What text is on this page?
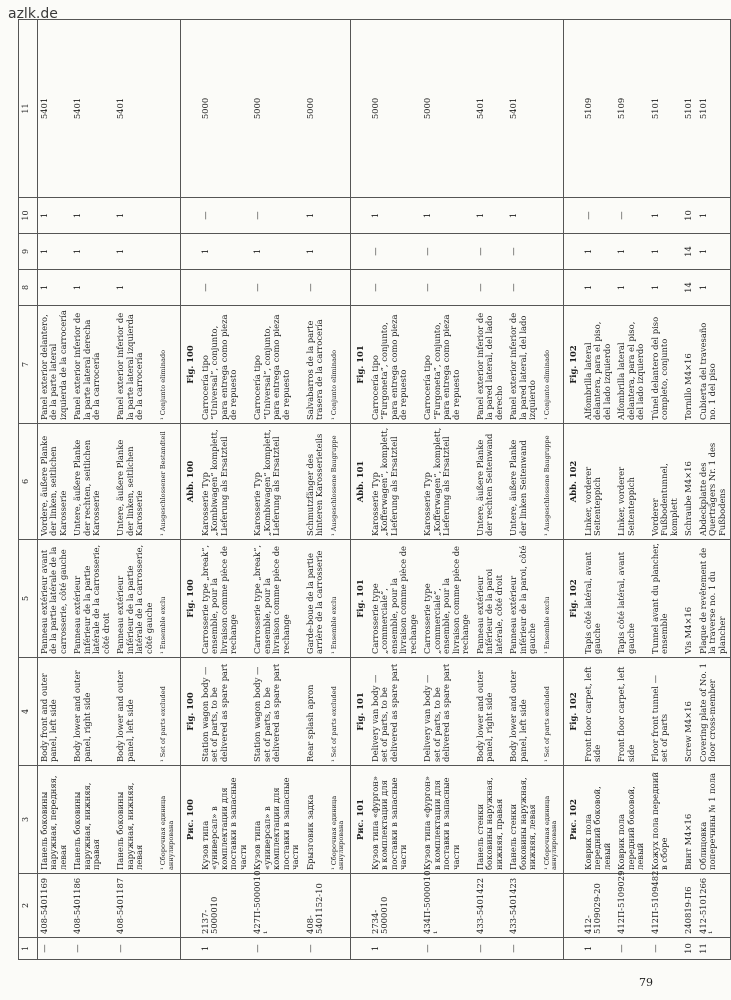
azlk.de
1	2	3	4	5	6	7	8	9	10	11
—	408-5401169	Панель боковины наружная, передняя, левая	Body front and outer panel, left side	Panneau extérieur avant de la partie latérale de la carrosserie, côté gauche	Vordere, äußere Planke der linken, seitlichen Karosserie	Panel exterior delantero, de la parte lateral izquierda de la carrocería	1	1	1	5401
—	408-5401186	Панель боковины наружная, нижняя, правая	Body lower and outer panel, right side	Panneau extérieur inférieur de la partie latérale de la carrosserie, côté droit	Untere, äußere Planke der rechten, seitlichen Karosserie	Panel exterior inferior de la parte lateral derecha de la carrocería	1	1	1	5401
—	408-5401187	Панель боковины наружная, нижняя, левая	Body lower and outer panel, left side	Panneau extérieur inférieur de la partie latérale de la carrosserie, côté gauche	Untere, äußere Planke der linken, seitlichen Karosserie	Panel exterior inferior de la parte lateral izquierda de la carrocería	1	1	1	5401
		¹ Сборочная единица аннулирована	¹ Set of parts excluded	¹ Ensemble exclu	¹ Ausgeschlossener Bestandteil	¹ Conjunto eliminado				
		Рис. 100	Fig. 100	Fig. 100	Abb. 100	Fig. 100				
1	2137-5000010	Кузов типа «универсал» в комплектации для поставки в запасные части	Station wagon body — set of parts, to be delivered as spare part	Carrosserie type „break“, ensemble, pour la livraison comme pièce de rechange	Karosserie Typ „Kombiwagen“ komplett, Lieferung als Ersatzteil	Carrocería tipo “Universal”, conjunto, para entrega como pieza de repuesto	—	1	—	5000
—	427П-5000010 ¹	Кузов типа «универсал» в комплектации для поставки в запасные части	Station wagon body — set of parts, to be delivered as spare part	Carrosserie type „break“, ensemble, pour la livraison comme pièce de rechange	Karosserie Typ „Kombiwagen“ komplett, Lieferung als Ersatzteil	Carrocería tipo “Universal”, conjunto, para entrega como pieza de repuesto	—	1	—	5000
—	408-5401152-10	Брызговик задка	Rear splash apron	Garde-boue de la partie arrière de la carrosserie	Schmutzfänger des hinteren Karosserieteils	Salvabarros de la parte trasera de la carrocería	—	1	1	5000
		¹ Сборочная единица аннулирована	¹ Set of parts excluded	¹ Ensemble exclu	¹ Ausgeschlossene Baugruppe	¹ Conjunto eliminado				
		Рис. 101	Fig. 101	Fig. 101	Abb. 101	Fig. 101				
1	2734-5000010	Кузов типа «фургон» в комплектации для поставки в запасные части	Delivery van body — set of parts, to be delivered as spare part	Carrosserie type „commerciale“, ensemble, pour la livraison comme pièce de rechange	Karosserie Typ „Kofferwagen“, komplett, Lieferung als Ersatzteil	Carrocería tipo “Furgoneta”, conjunto, para entrega como pieza de repuesto	—	—	1	5000
—	434П-5000010 ¹	Кузов типа «фургон» в комплектации для поставки в запасные части	Delivery van body — set of parts, to be delivered as spare part	Carrosserie type „commerciale“, ensemble, pour la livraison comme pièce de rechange	Karosserie Typ „Kofferwagen“, komplett, Lieferung als Ersatzteil	Carrocería tipo “Furgoneta”, conjunto, para entrega como pieza de repuesto	—	—	1	5000
—	433-5401422	Панель стенки боковины наружная, нижняя, правая	Body lower and outer panel, right side	Panneau extérieur inférieur de la paroi latérale, côté droit	Untere, äußere Planke der rechten Seitenwand	Panel exterior inferior de la pared lateral, del lado derecho	—	—	1	5401
—	433-5401423	Панель стенки боковины наружная, нижняя, левая	Body lower and outer panel, left side	Panneau extérieur inférieur de la paroi, côté gauche	Untere, äußere Planke der linken Seitenwand	Panel exterior inferior de la pared lateral, del lado izquierdo	—	—	1	5401
		¹ Сборочная единица аннулирована	¹ Set of parts excluded	¹ Ensemble exclu	¹ Ausgeschlossene Baugruppe	¹ Conjunto eliminado				
		Рис. 102	Fig. 102	Fig. 102	Abb. 102	Fig. 102				
1	412-5109029-20	Коврик пола передний боковой, левый	Front floor carpet, left side	Tapis côté latéral, avant gauche	Linker, vorderer Seitenteppich	Alfombrilla lateral delantera, para el piso, del lado izquierdo	1	1	—	5109
—	412П-5109029	Коврик пола передний боковой, левый	Front floor carpet, left side	Tapis côté latéral, avant gauche	Linker, vorderer Seitenteppich	Alfombrilla lateral delantera, para el piso, del lado izquierdo	1	1	—	5109
—	412П-5109482	Кожух пола передний в сборе	Floor front tunnel — set of parts	Tunnel avant du plancher, ensemble	Vorderer Fußbodentunnel, komplett	Túnel delantero del piso completo, conjunto	1	1	1	5101
10	240819-П6	Винт М4×16	Screw M4×16	Vis M4×16	Schraube M4×16	Tornillo M4×16	14	14	10	5101
11	412-5101266 ¹	Облицовка поперечины № 1 пола	Covering plate of No. 1 floor cross-member	Plaque de revêtement de la traverse no. 1 du plancher	Abdeckplatte des Querträgers Nr. 1 des Fußbodens	Cubierta del travesaño no. 1 del piso	1	1	1	5101
79
